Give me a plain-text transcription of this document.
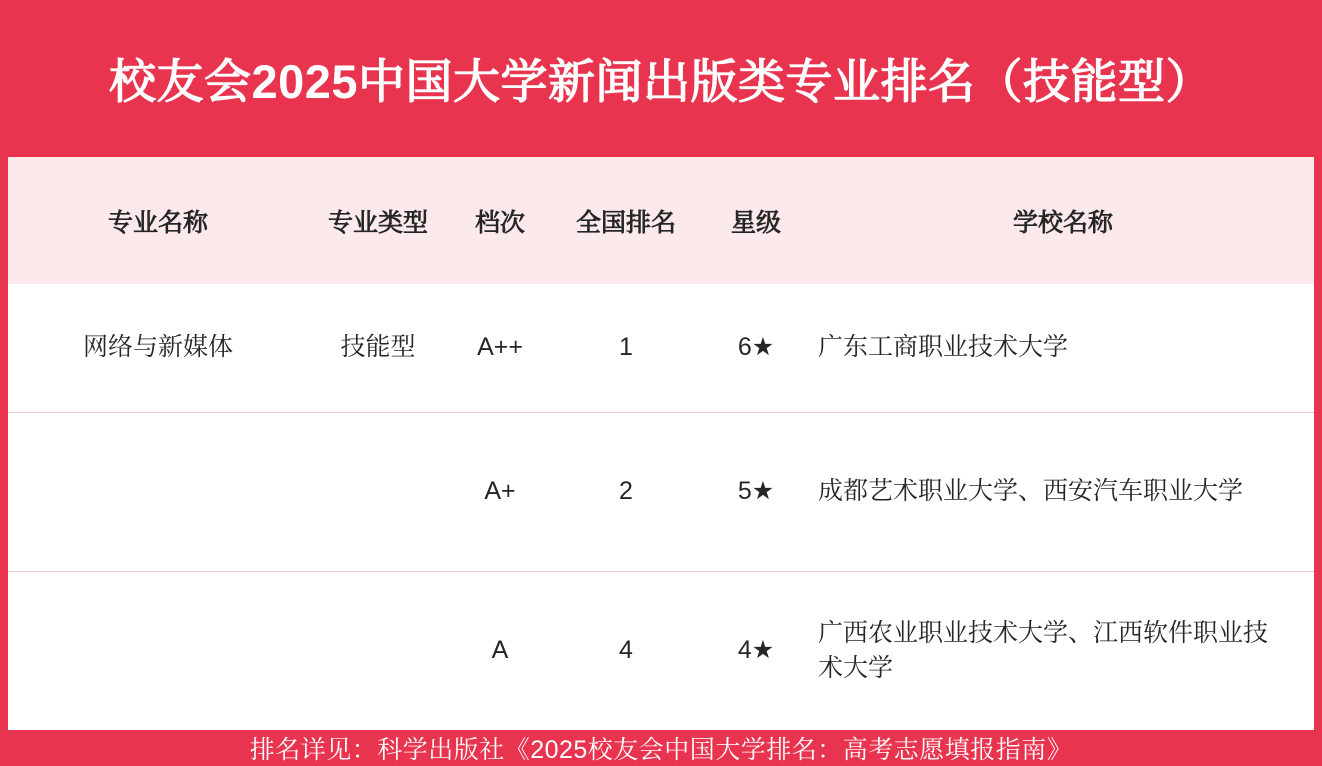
校友会2025中国大学新闻出版类专业排名（技能型）
专业名称	专业类型	档次	全国排名	星级	学校名称
网络与新媒体	技能型	A++	1	6★	广东工商职业技术大学
		A+	2	5★	成都艺术职业大学、西安汽车职业大学
		A	4	4★	广西农业职业技术大学、江西软件职业技术大学
排名详见：科学出版社《2025校友会中国大学排名：高考志愿填报指南》
